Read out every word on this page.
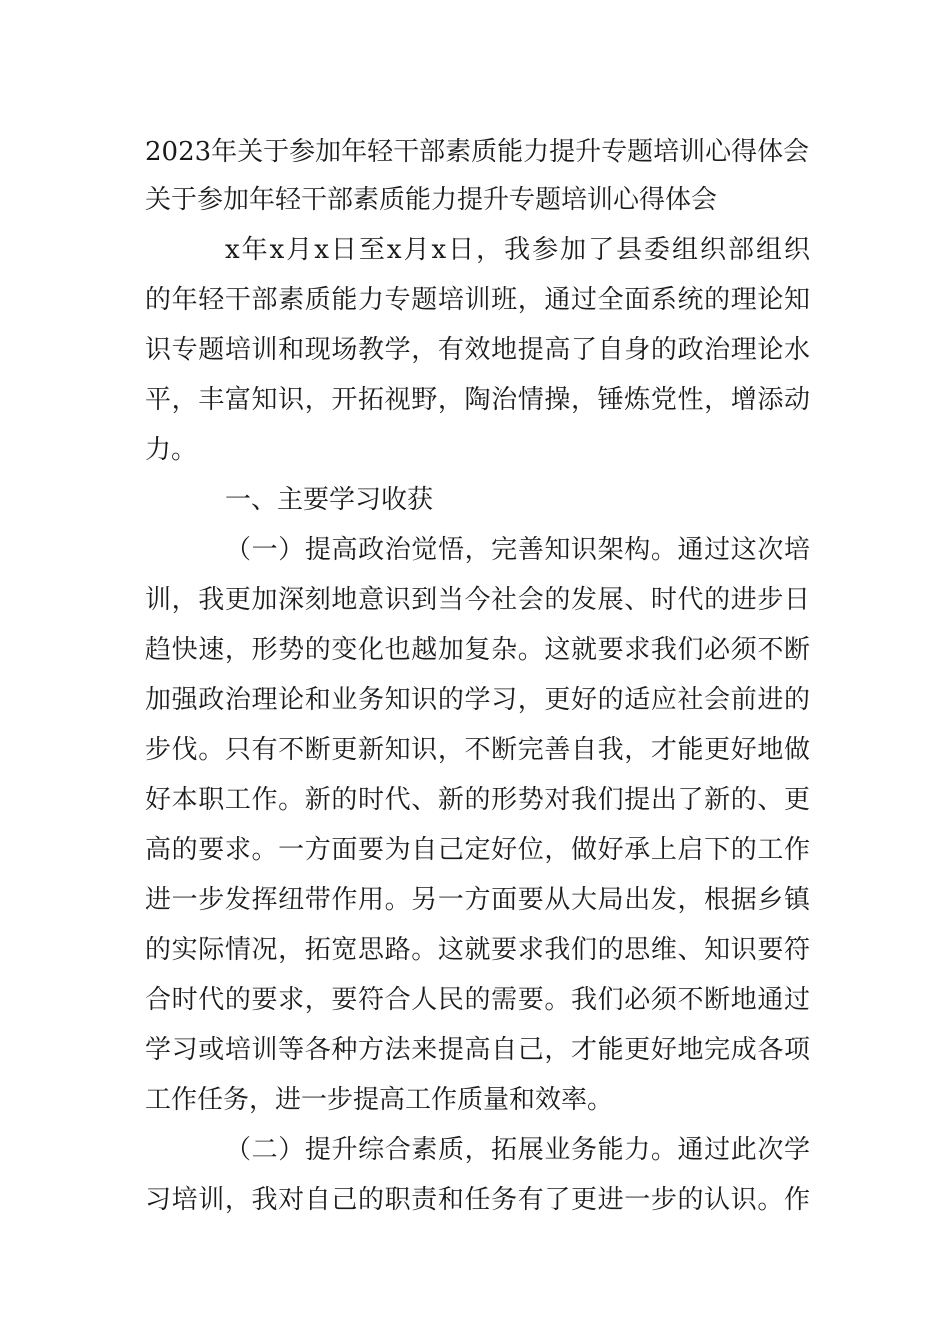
2023年关于参加年轻干部素质能力提升专题培训心得体会
关于参加年轻干部素质能力提升专题培训心得体会
x年x月x日至x月x日，我参加了县委组织部组织
的年轻干部素质能力专题培训班，通过全面系统的理论知
识专题培训和现场教学，有效地提高了自身的政治理论水
平，丰富知识，开拓视野，陶治情操，锤炼党性，增添动
力。
一、主要学习收获
（一）提高政治觉悟，完善知识架构。通过这次培
训，我更加深刻地意识到当今社会的发展、时代的进步日
趋快速，形势的变化也越加复杂。这就要求我们必须不断
加强政治理论和业务知识的学习，更好的适应社会前进的
步伐。只有不断更新知识，不断完善自我，才能更好地做
好本职工作。新的时代、新的形势对我们提出了新的、更
高的要求。一方面要为自己定好位，做好承上启下的工作
进一步发挥纽带作用。另一方面要从大局出发，根据乡镇
的实际情况，拓宽思路。这就要求我们的思维、知识要符
合时代的要求，要符合人民的需要。我们必须不断地通过
学习或培训等各种方法来提高自己，才能更好地完成各项
工作任务，进一步提高工作质量和效率。
（二）提升综合素质，拓展业务能力。通过此次学
习培训，我对自己的职责和任务有了更进一步的认识。作
